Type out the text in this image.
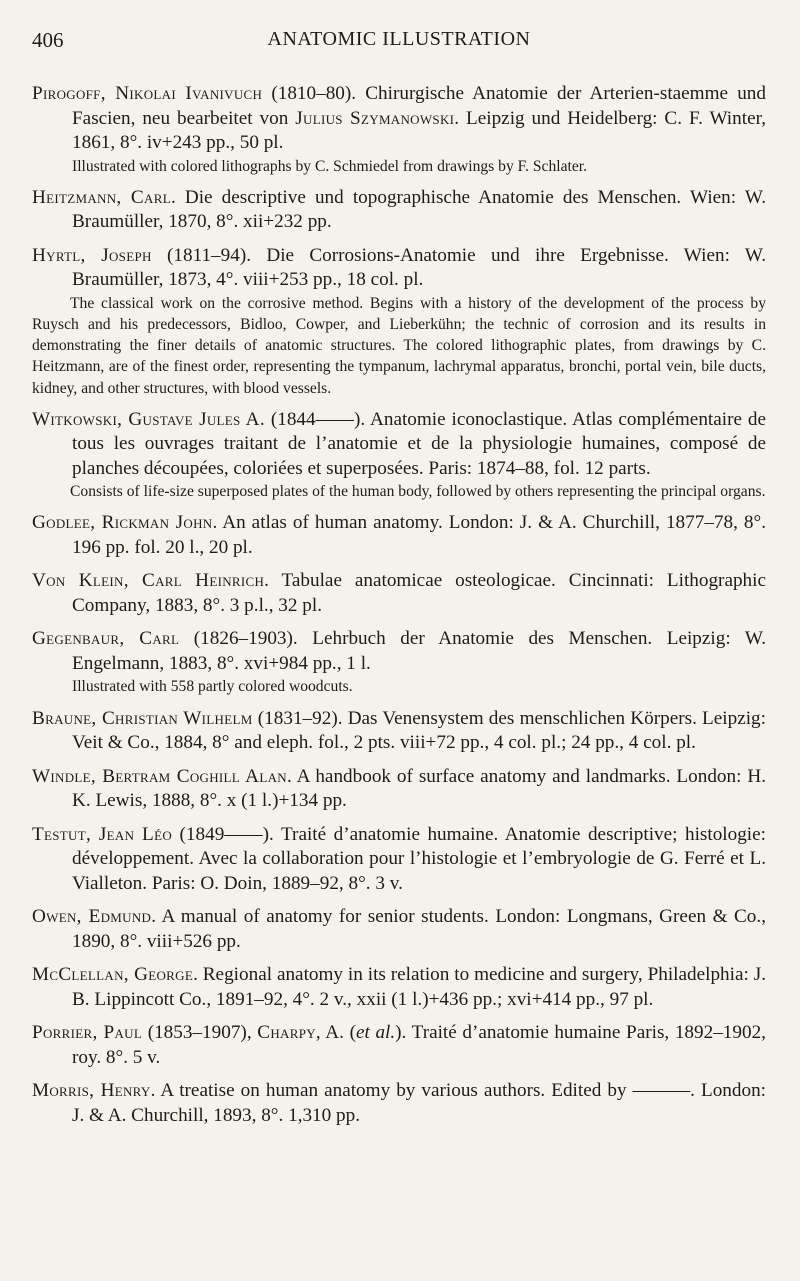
406	ANATOMIC ILLUSTRATION
Pirogoff, Nikolai Ivanivuch (1810–80). Chirurgische Anatomie der Arterien-staemme und Fascien, neu bearbeitet von Julius Szymanowski. Leipzig und Heidelberg: C. F. Winter, 1861, 8°. iv+243 pp., 50 pl.
Illustrated with colored lithographs by C. Schmiedel from drawings by F. Schlater.
Heitzmann, Carl. Die descriptive und topographische Anatomie des Menschen. Wien: W. Braumüller, 1870, 8°. xii+232 pp.
Hyrtl, Joseph (1811–94). Die Corrosions-Anatomie und ihre Ergebnisse. Wien: W. Braumüller, 1873, 4°. viii+253 pp., 18 col. pl.
The classical work on the corrosive method. Begins with a history of the development of the process by Ruysch and his predecessors, Bidloo, Cowper, and Lieberkühn; the technic of corrosion and its results in demonstrating the finer details of anatomic structures. The colored lithographic plates, from drawings by C. Heitzmann, are of the finest order, representing the tympanum, lachrymal apparatus, bronchi, portal vein, bile ducts, kidney, and other structures, with blood vessels.
Witkowski, Gustave Jules A. (1844——). Anatomie iconoclastique. Atlas complémentaire de tous les ouvrages traitant de l’anatomie et de la physiologie humaines, composé de planches découpées, coloriées et superposées. Paris: 1874–88, fol. 12 parts.
Consists of life-size superposed plates of the human body, followed by others representing the principal organs.
Godlee, Rickman John. An atlas of human anatomy. London: J. & A. Churchill, 1877–78, 8°. 196 pp. fol. 20 l., 20 pl.
Von Klein, Carl Heinrich. Tabulae anatomicae osteologicae. Cincinnati: Lithographic Company, 1883, 8°. 3 p.l., 32 pl.
Gegenbaur, Carl (1826–1903). Lehrbuch der Anatomie des Menschen. Leipzig: W. Engelmann, 1883, 8°. xvi+984 pp., 1 l.
Illustrated with 558 partly colored woodcuts.
Braune, Christian Wilhelm (1831–92). Das Venensystem des menschlichen Körpers. Leipzig: Veit & Co., 1884, 8° and eleph. fol., 2 pts. viii+72 pp., 4 col. pl.; 24 pp., 4 col. pl.
Windle, Bertram Coghill Alan. A handbook of surface anatomy and landmarks. London: H. K. Lewis, 1888, 8°. x (1 l.)+134 pp.
Testut, Jean Léo (1849——). Traité d’anatomie humaine. Anatomie descriptive; histologie: développement. Avec la collaboration pour l’histologie et l’embryologie de G. Ferré et L. Vialleton. Paris: O. Doin, 1889–92, 8°. 3 v.
Owen, Edmund. A manual of anatomy for senior students. London: Longmans, Green & Co., 1890, 8°. viii+526 pp.
McClellan, George. Regional anatomy in its relation to medicine and surgery, Philadelphia: J. B. Lippincott Co., 1891–92, 4°. 2 v., xxii (1 l.)+436 pp.; xvi+414 pp., 97 pl.
Porrier, Paul (1853–1907), Charpy, A. (et al.). Traité d’anatomie humaine Paris, 1892–1902, roy. 8°. 5 v.
Morris, Henry. A treatise on human anatomy by various authors. Edited by ———. London: J. & A. Churchill, 1893, 8°. 1,310 pp.
